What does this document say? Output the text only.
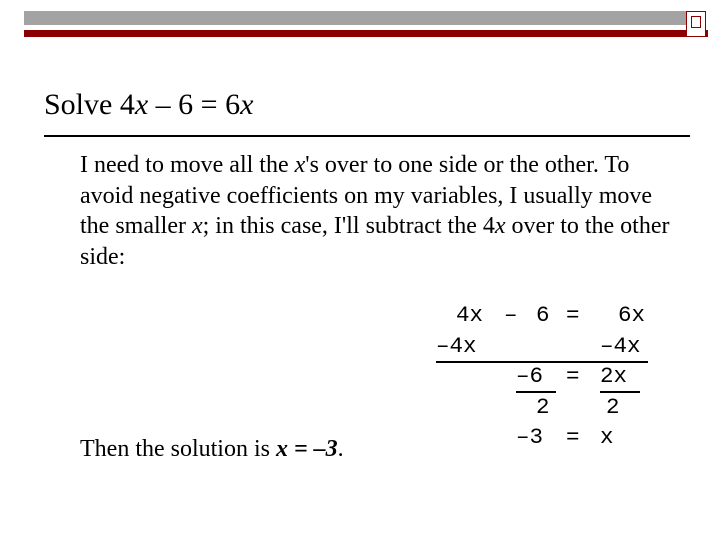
Solve 4x – 6 = 6x

I need to move all the x's over to one side or the other. To avoid negative coefficients on my variables, I usually move the smaller x; in this case, I'll subtract the 4x over to the other side:

4x

–

6

=

6x

–4x

	–4x

–6

=

2x

2

	2

–3

=

x

Then the solution is x = –3.
